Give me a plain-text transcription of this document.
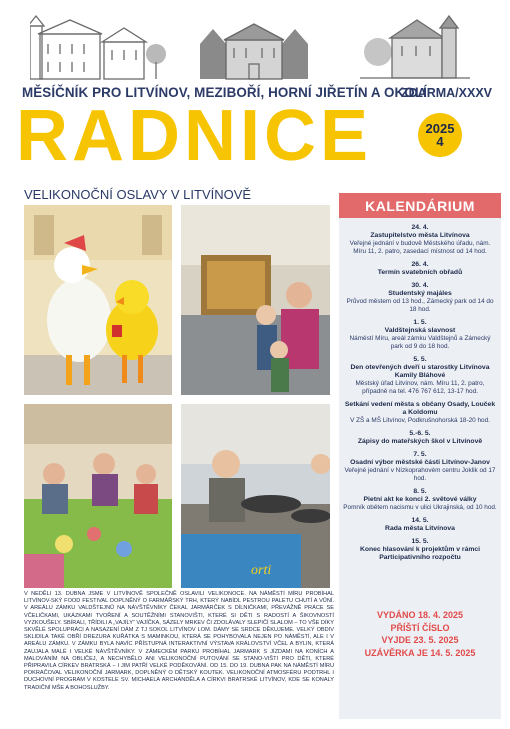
MĚSÍČNÍK PRO LITVÍNOV, MEZIBOŘÍ, HORNÍ JIŘETÍN A OKOLÍ
ZDARMA/XXXV
RADNICE	2025
4
VELIKONOČNÍ OSLAVY V LITVÍNOVĚ
orti
V NEDĚLI 13. DUBNA JSME V LITVÍNOVĚ SPOLEČNĚ OSLAVILI VELIKONOCE. NA NÁMĚSTÍ MÍRU PROBÍHAL LITVÍNOV-SKÝ FOOD FESTIVAL DOPLNĚNÝ O FARMÁŘSKÝ TRH, KTERÝ NABÍDL PESTROU PALETU CHUTÍ A VŮNÍ. V AREÁLU ZÁMKU VALDŠTEJNŮ NA NÁVŠTĚVNÍKY ČEKAL JARMÁRČEK S DÍLNIČKAMI, PŘEVÁŽNĚ PRÁCE SE VČELIČKAMI, UKÁZKAMI TVOŘENÍ A SOUTĚŽNÍMI STANOVIŠTI, KTERÉ SI DĚTI S RADOSTÍ A ŠIKOVNOSTÍ VYZKOUŠELY. SBÍRALI, TŘÍDILI A „VAJÍLY“ VAJÍČKA, SÁZELY MRKEV ČI ZDOLÁVALY SLEPIČÍ SLALOM – TO VŠE DÍKY SKVĚLÉ SPOLUPRÁCI A NASAZENÍ DÁM Z TJ SOKOL LITVÍNOV LOM. DÁMY SE SRDCE DĚKUJEME. VELKÝ OBDIV SKLIDILA TAKÉ OBŘÍ DREZURA KUŘÁTKA S MAMINKOU, KTERÁ SE POHYBOVALA NEJEN PO NÁMĚSTÍ, ALE I V AREÁLU ZÁMKU. V ZÁMKU BYLA NAVÍC PŘÍSTUPNÁ INTERAKTIVNÍ VÝSTAVA KRÁLOVSTVÍ VČEL A BYLIN, KTERÁ ZAUJALA MALÉ I VELKÉ NÁVŠTĚVNÍKY. V ZÁMECKÉM PARKU PROBÍHAL JARMARK S JÍZDAMI NA KONÍCH A MALOVÁNÍM NA OBLIČEJ, A NECHYBĚLO ANI VELIKONOČNÍ PUTOVÁNÍ SE STANO-VIŠTI PRO DĚTI, KTERÉ PŘIPRAVILA CÍRKEV BRATRSKÁ – I JIM PATŘÍ VELKÉ PODĚKOVÁNÍ. OD 15. DO 19. DUBNA PAK NA NÁMĚSTÍ MÍRU POKRAČOVAL VELIKONOČNÍ JARMARK, DOPLNĚNÝ O DĚTSKÝ KOUTEK. VELIKONOČNÍ ATMOSFÉRU PODTRHL I DUCHOVNÍ PROGRAM V KOSTELE SV. MICHAELA ARCHANDĚLA A CÍRKVI BRATRSKÉ LITVÍNOV, KDE SE KONALY TRADIČNÍ MŠE A BOHOSLUŽBY.
KALENDÁRIUM
24. 4.
Zastupitelstvo města Litvínova
Veřejné jednání v budově Městského úřadu, nám. Míru 11, 2. patro, zasedací místnost od 14 hod.
26. 4.
Termín svatebních obřadů
30. 4.
Studentský majáles
Průvod městem od 13 hod., Zámecký park od 14 do 18 hod.
1. 5.
Valdštejnská slavnost
Náměstí Míru, areál zámku Valdštejnů a Zámecký park od 9 do 18 hod.
5. 5.
Den otevřených dveří u starostky Litvínova Kamily Bláhové
Městský úřad Litvínov, nám. Míru 11, 2. patro, případně na tel. 476 767 612, 13-17 hod.
Setkání vedení města s občany Osady, Louček a Koldomu
V ZŠ a MŠ Litvínov, Podkrušnohorská 18-20 hod.
5.-6. 5.
Zápisy do mateřských škol v Litvínově
7. 5.
Osadní výbor městské části Litvínov-Janov
Veřejné jednání v Nízkoprahovém centru Joklik od 17 hod.
8. 5.
Pietní akt ke konci 2. světové války
Pomník obětem nacismu v ulici Ukrajinská, od 10 hod.
14. 5.
Rada města Litvínova
15. 5.
Konec hlasování k projektům v rámci Participativního rozpočtu
VYDÁNO 18. 4. 2025
PŘÍŠTÍ ČÍSLO
VYJDE 23. 5. 2025
UZÁVĚRKA JE 14. 5. 2025
